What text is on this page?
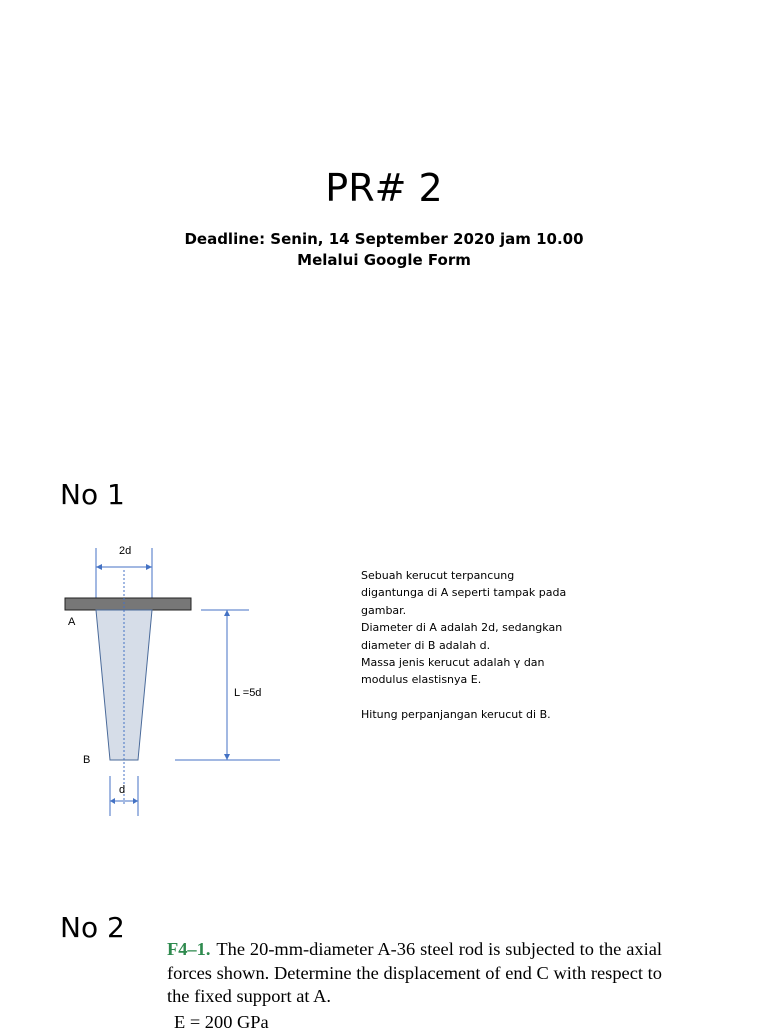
PR# 2
Deadline: Senin, 14 September 2020 jam 10.00
Melalui Google Form
No 1
2d
A
L =5d
B
d

Sebuah kerucut terpancung

digantunga di A seperti tampak pada

gambar.

Diameter di A adalah 2d, sedangkan

diameter di B adalah d.

Massa jenis kerucut adalah γ dan

modulus elastisnya E.

Hitung perpanjangan kerucut di B.

No 2
F4–1. The 20-mm-diameter A-36 steel rod is subjected to the axial forces shown. Determine the displacement of end C with respect to the fixed support at A.
E = 200 GPa
